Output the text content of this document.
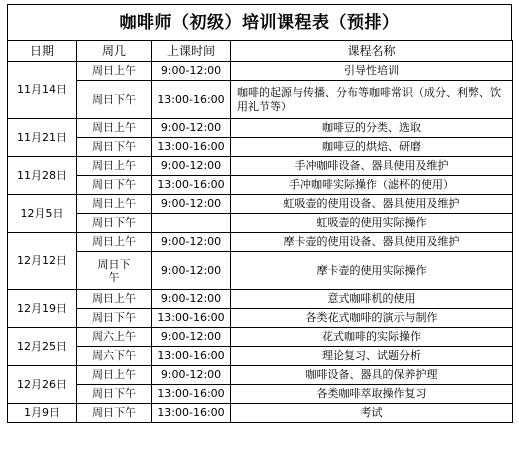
咖啡师（初级）培训课程表（预排）
日期	周几	上课时间	课程名称
11月14日	周日上午	9:00-12:00	引导性培训
	周日下午	13:00-16:00	咖啡的起源与传播、分布等咖啡常识（成分、利弊、饮用礼节等）
11月21日	周日上午	9:00-12:00	咖啡豆的分类、选取
	周日下午	13:00-16:00	咖啡豆的烘焙、研磨
11月28日	周日上午	9:00-12:00	手冲咖啡设备、器具使用及维护
	周日下午	13:00-16:00	手冲咖啡实际操作（滤杯的使用）
12月5日	周日上午	9:00-12:00	虹吸壶的使用设备、器具使用及维护
	周日下午		虹吸壶的使用实际操作
12月12日	周日上午	9:00-12:00	摩卡壶的使用设备、器具使用及维护
	周日下午	9:00-12:00	摩卡壶的使用实际操作
12月19日	周日上午	9:00-12:00	意式咖啡机的使用
	周日下午	13:00-16:00	各类花式咖啡的演示与制作
12月25日	周六上午	9:00-12:00	花式咖啡的实际操作
	周六下午	13:00-16:00	理论复习、试题分析
12月26日	周日上午	9:00-12:00	咖啡设备、器具的保养护理
	周日下午	13:00-16:00	各类咖啡萃取操作复习
1月9日	周日下午	13:00-16:00	考试
